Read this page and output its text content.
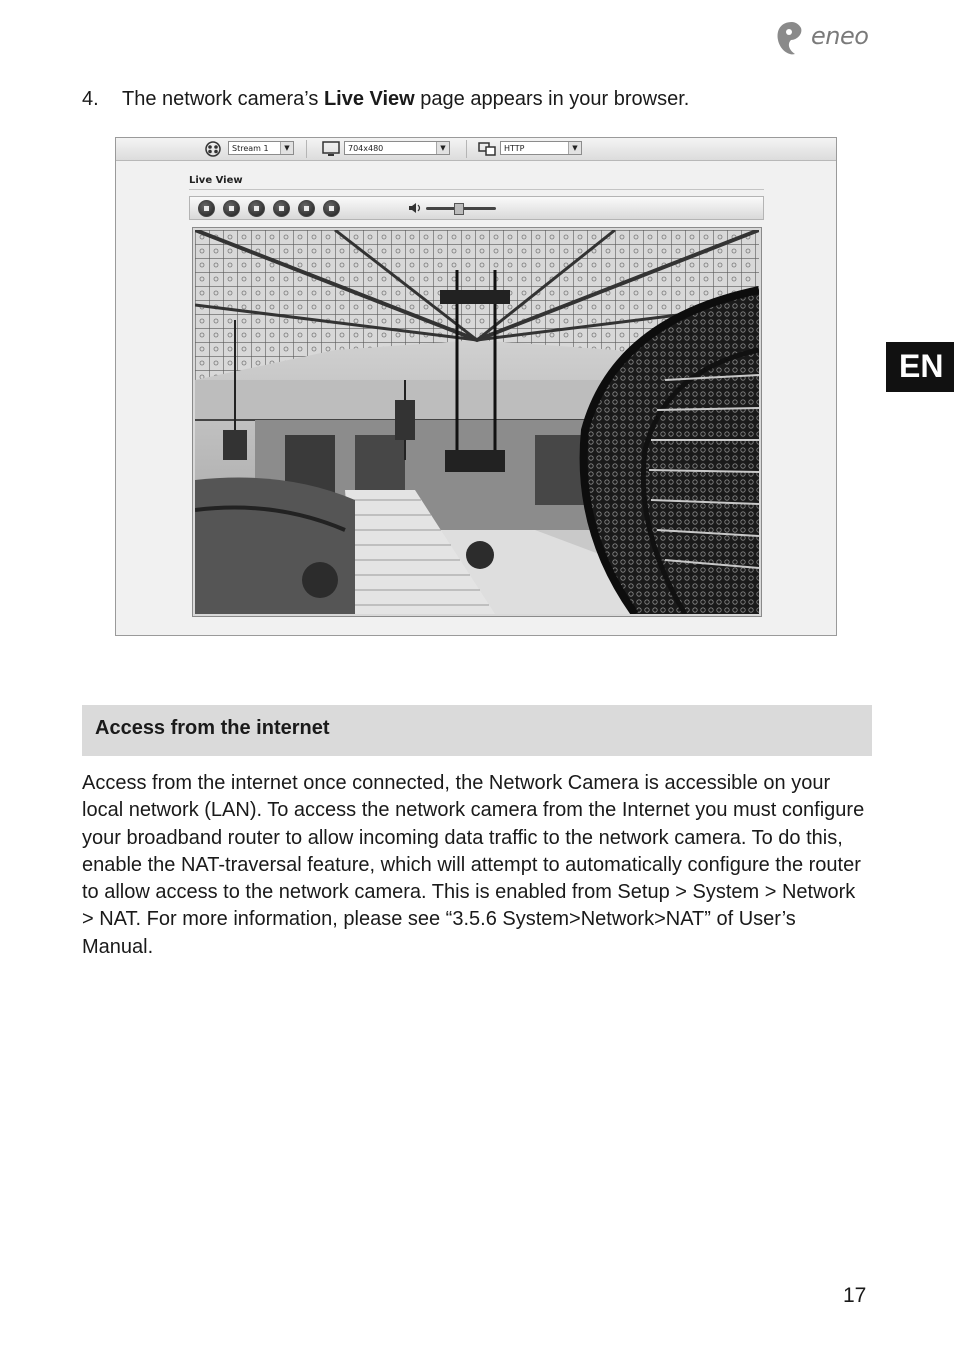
eneo
4. The network camera’s Live View page appears in your browser.
Stream 1	▼	704x480	▼	HTTP	▼
Live View
Access from the internet
Access from the internet once connected, the Network Camera is accessible on your local network (LAN). To access the network camera from the Internet you must configure your broadband router to allow incoming data traffic to the network camera. To do this, enable the NAT-traversal feature, which will attempt to automatically configure the router to allow access to the network camera. This is enabled from Setup > System > Network > NAT. For more information, please see “3.5.6 System>Network>NAT” of User’s Manual.
EN
17
